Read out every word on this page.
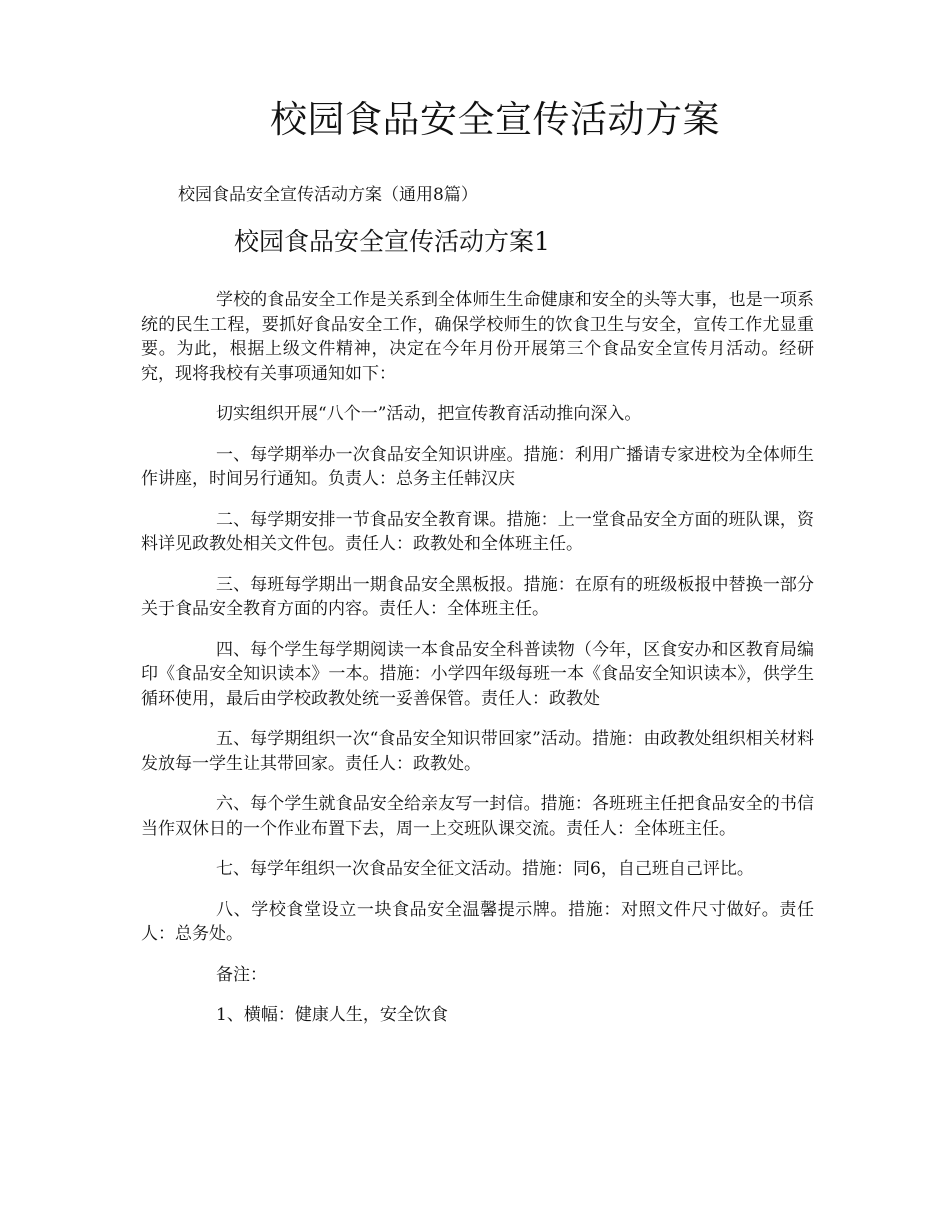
校园食品安全宣传活动方案

校园食品安全宣传活动方案（通用8篇）

校园食品安全宣传活动方案1

学校的食品安全工作是关系到全体师生生命健康和安全的头等大事，也是一项系统的民生工程，要抓好食品安全工作，确保学校师生的饮食卫生与安全，宣传工作尤显重要。为此，根据上级文件精神，决定在今年月份开展第三个食品安全宣传月活动。经研究，现将我校有关事项通知如下：

切实组织开展“八个一”活动，把宣传教育活动推向深入。

一、每学期举办一次食品安全知识讲座。措施：利用广播请专家进校为全体师生作讲座，时间另行通知。负责人：总务主任韩汉庆

二、每学期安排一节食品安全教育课。措施：上一堂食品安全方面的班队课，资料详见政教处相关文件包。责任人：政教处和全体班主任。

三、每班每学期出一期食品安全黑板报。措施：在原有的班级板报中替换一部分关于食品安全教育方面的内容。责任人：全体班主任。

四、每个学生每学期阅读一本食品安全科普读物（今年，区食安办和区教育局编印《食品安全知识读本》一本。措施：小学四年级每班一本《食品安全知识读本》，供学生循环使用，最后由学校政教处统一妥善保管。责任人：政教处

五、每学期组织一次“食品安全知识带回家”活动。措施：由政教处组织相关材料发放每一学生让其带回家。责任人：政教处。

六、每个学生就食品安全给亲友写一封信。措施：各班班主任把食品安全的书信当作双休日的一个作业布置下去，周一上交班队课交流。责任人：全体班主任。

七、每学年组织一次食品安全征文活动。措施：同6，自己班自己评比。

八、学校食堂设立一块食品安全温馨提示牌。措施：对照文件尺寸做好。责任人：总务处。

备注：

1、横幅：健康人生，安全饮食
